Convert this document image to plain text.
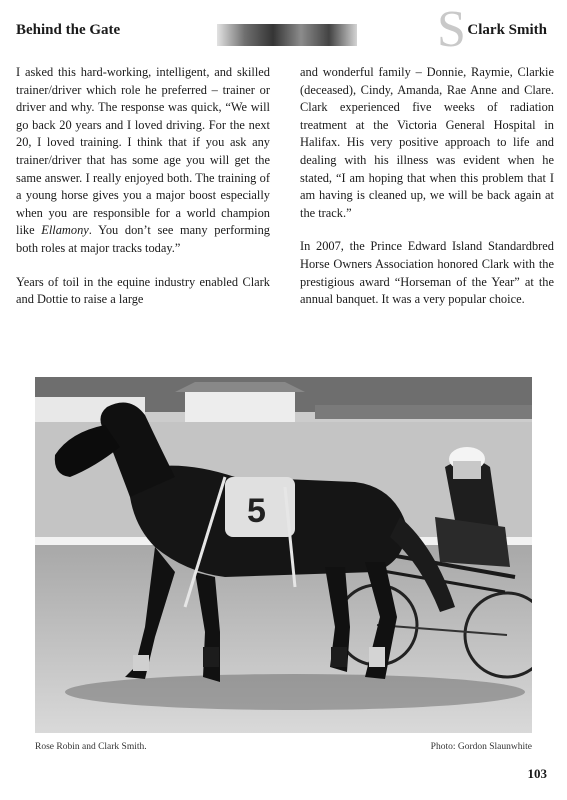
Behind the Gate	S Clark Smith

I asked this hard-working, intelligent, and skilled trainer/driver which role he preferred – trainer or driver and why. The response was quick, “We will go back 20 years and I loved driving. For the next 20, I loved training. I think that if you ask any trainer/driver that has some age you will get the same answer. I really enjoyed both. The training of a young horse gives you a major boost especially when you are responsible for a world champion like Ellamony. You don’t see many performing both roles at major tracks today.”

Years of toil in the equine industry enabled Clark and Dottie to raise a large

and wonderful family – Donnie, Raymie, Clarkie (deceased), Cindy, Amanda, Rae Anne and Clare. Clark experienced five weeks of radiation treatment at the Victoria General Hospital in Halifax. His very positive approach to life and dealing with his illness was evident when he stated, “I am hoping that when this problem that I am having is cleaned up, we will be back again at the track.”

In 2007, the Prince Edward Island Standardbred Horse Owners Association honored Clark with the prestigious award “Horseman of the Year” at the annual banquet. It was a very popular choice.

5
Rose Robin and Clark Smith.	Photo: Gordon Slaunwhite
103
